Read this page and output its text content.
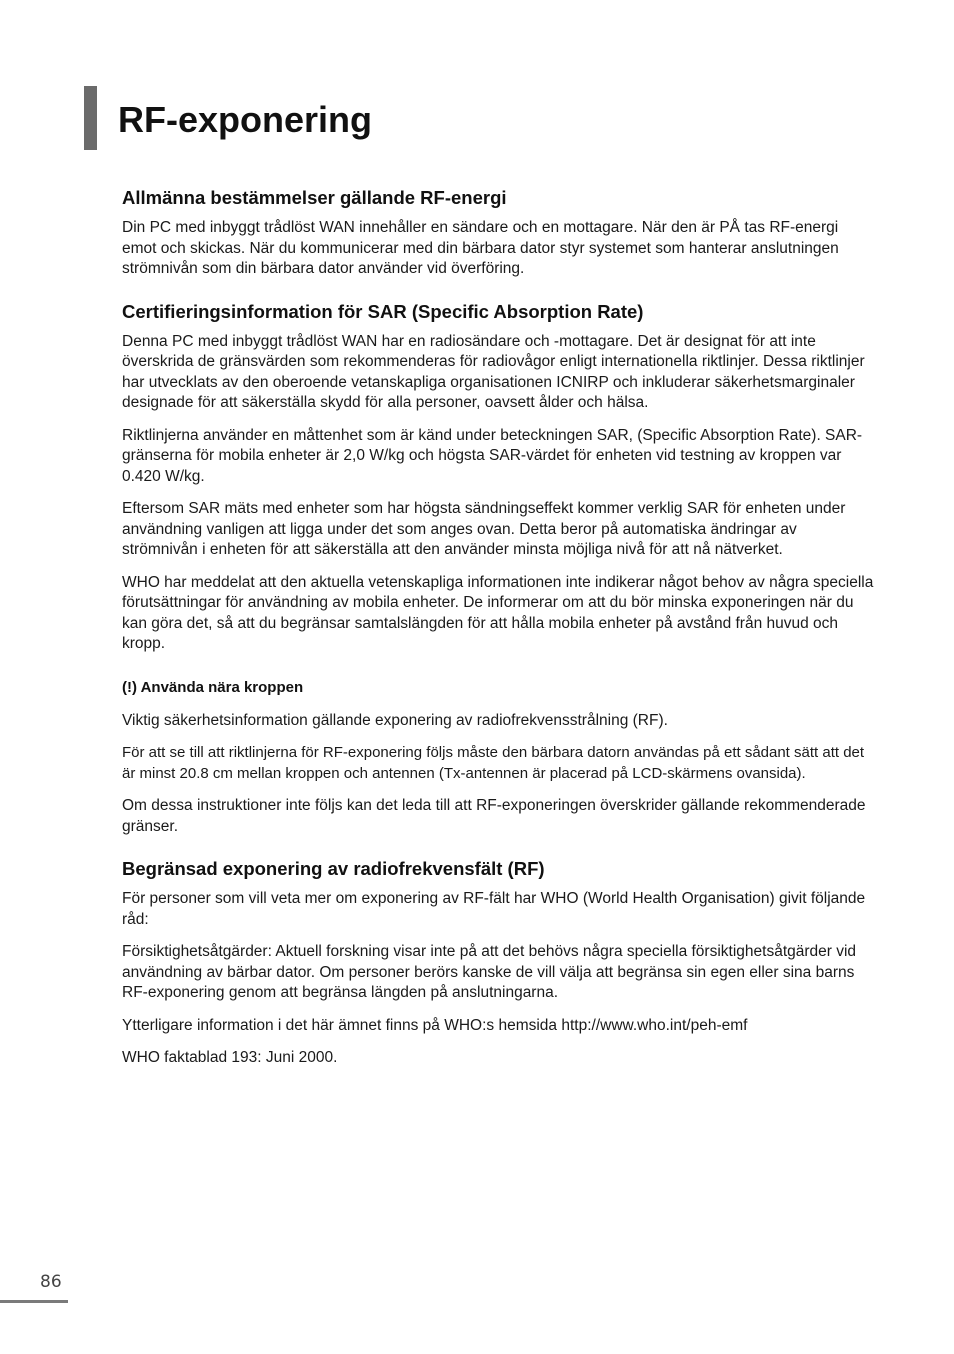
RF-exponering
Allmänna bestämmelser gällande RF-energi

Din PC med inbyggt trådlöst WAN innehåller en sändare och en mottagare. När den är PÅ tas RF-energi emot och skickas. När du kommunicerar med din bärbara dator styr systemet som hanterar anslutningen strömnivån som din bärbara dator använder vid överföring.

Certifieringsinformation för SAR (Specific Absorption Rate)

Denna PC med inbyggt trådlöst WAN har en radiosändare och -mottagare. Det är designat för att inte överskrida de gränsvärden som rekommenderas för radiovågor enligt internationella riktlinjer. Dessa riktlinjer har utvecklats av den oberoende vetanskapliga organisationen ICNIRP och inkluderar säkerhetsmarginaler designade för att säkerställa skydd för alla personer, oavsett ålder och hälsa.

Riktlinjerna använder en måttenhet som är känd under beteckningen SAR, (Specific Absorption Rate). SAR-gränserna för mobila enheter är 2,0 W/kg och högsta SAR-värdet för enheten vid testning av kroppen var 0.420 W/kg.

Eftersom SAR mäts med enheter som har högsta sändningseffekt kommer verklig SAR för enheten under användning vanligen att ligga under det som anges ovan. Detta beror på automatiska ändringar av strömnivån i enheten för att säkerställa att den använder minsta möjliga nivå för att nå nätverket.

WHO har meddelat att den aktuella vetenskapliga informationen inte indikerar något behov av några speciella förutsättningar för användning av mobila enheter. De informerar om att du bör minska exponeringen när du kan göra det, så att du begränsar samtalslängden för att hålla mobila enheter på avstånd från huvud och kropp.

(!) Använda nära kroppen

Viktig säkerhetsinformation gällande exponering av radiofrekvensstrålning (RF).

För att se till att riktlinjerna för RF-exponering följs måste den bärbara datorn användas på ett sådant sätt att det är minst 20.8 cm mellan kroppen och antennen (Tx-antennen är placerad på LCD-skärmens ovansida).

Om dessa instruktioner inte följs kan det leda till att RF-exponeringen överskrider gällande rekommenderade gränser.

Begränsad exponering av radiofrekvensfält (RF)

För personer som vill veta mer om exponering av RF-fält har WHO (World Health Organisation) givit följande råd:

Försiktighetsåtgärder: Aktuell forskning visar inte på att det behövs några speciella försiktighetsåtgärder vid användning av bärbar dator. Om personer berörs kanske de vill välja att begränsa sin egen eller sina barns RF-exponering genom att begränsa längden på anslutningarna.

Ytterligare information i det här ämnet finns på WHO:s hemsida http://www.who.int/peh-emf

WHO faktablad 193: Juni 2000.

86
